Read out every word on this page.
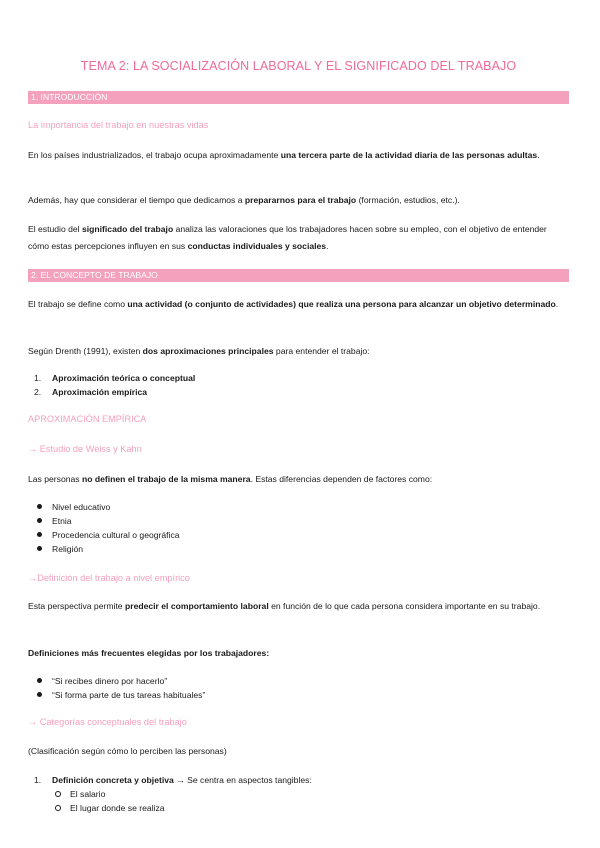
TEMA 2: LA SOCIALIZACIÓN LABORAL Y EL SIGNIFICADO DEL TRABAJO
1. INTRODUCCIÓN
La importancia del trabajo en nuestras vidas
En los países industrializados, el trabajo ocupa aproximadamente una tercera parte de la actividad diaria de las personas adultas.
Además, hay que considerar el tiempo que dedicamos a prepararnos para el trabajo (formación, estudios, etc.).
El estudio del significado del trabajo analiza las valoraciones que los trabajadores hacen sobre su empleo, con el objetivo de entender cómo estas percepciones influyen en sus conductas individuales y sociales.
2. EL CONCEPTO DE TRABAJO
El trabajo se define como una actividad (o conjunto de actividades) que realiza una persona para alcanzar un objetivo determinado.
Según Drenth (1991), existen dos aproximaciones principales para entender el trabajo:
1. Aproximación teórica o conceptual
2. Aproximación empírica
APROXIMACIÓN EMPÍRICA
→ Estudio de Weiss y Kahn
Las personas no definen el trabajo de la misma manera. Estas diferencias dependen de factores como:
Nivel educativo
Etnia
Procedencia cultural o geográfica
Religión
→Definición del trabajo a nivel empírico
Esta perspectiva permite predecir el comportamiento laboral en función de lo que cada persona considera importante en su trabajo.
Definiciones más frecuentes elegidas por los trabajadores:
“Si recibes dinero por hacerlo”
“Si forma parte de tus tareas habituales”
→ Categorías conceptuales del trabajo
(Clasificación según cómo lo perciben las personas)
1. Definición concreta y objetiva → Se centra en aspectos tangibles:
El salario
El lugar donde se realiza
